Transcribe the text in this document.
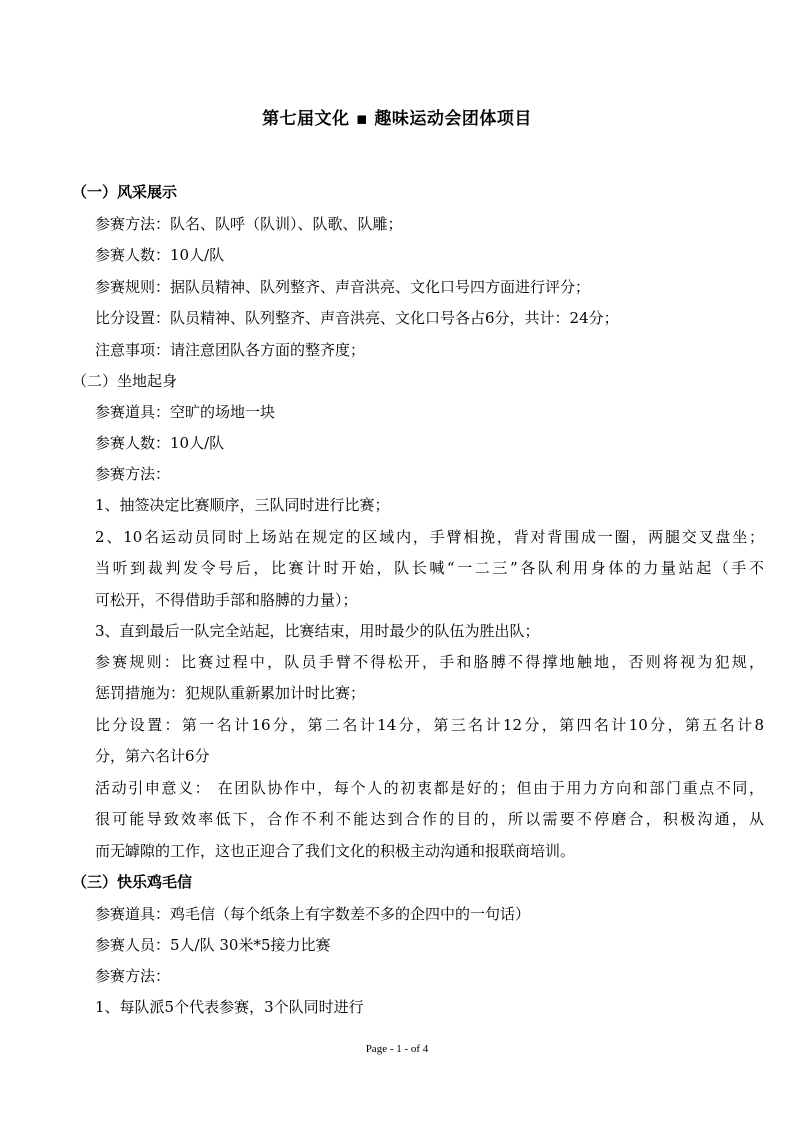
第七届文化 ▪ 趣味运动会团体项目
（一）风采展示
参赛方法：队名、队呼（队训）、队歌、队雕；
参赛人数：10人/队
参赛规则：据队员精神、队列整齐、声音洪亮、文化口号四方面进行评分；
比分设置：队员精神、队列整齐、声音洪亮、文化口号各占6分，共计：24分；
注意事项：请注意团队各方面的整齐度；
（二）坐地起身
参赛道具：空旷的场地一块
参赛人数：10人/队
参赛方法：
1、抽签决定比赛顺序，三队同时进行比赛；
2、10名运动员同时上场站在规定的区域内，手臂相挽，背对背围成一圈，两腿交叉盘坐；
当听到裁判发令号后，比赛计时开始，队长喊“一二三”各队利用身体的力量站起（手不
可松开，不得借助手部和胳膊的力量）；
3、直到最后一队完全站起，比赛结束，用时最少的队伍为胜出队；
参赛规则：比赛过程中，队员手臂不得松开，手和胳膊不得撑地触地，否则将视为犯规，
惩罚措施为：犯规队重新累加计时比赛；
比分设置：第一名计16分，第二名计14分，第三名计12分，第四名计10分，第五名计8
分，第六名计6分
活动引申意义： 在团队协作中，每个人的初衷都是好的；但由于用力方向和部门重点不同，
很可能导致效率低下，合作不利不能达到合作的目的，所以需要不停磨合，积极沟通，从
而无罅隙的工作，这也正迎合了我们文化的积极主动沟通和报联商培训。
（三）快乐鸡毛信
参赛道具：鸡毛信（每个纸条上有字数差不多的企四中的一句话）
参赛人员：5人/队 30米*5接力比赛
参赛方法：
1、每队派5个代表参赛，3个队同时进行
Page - 1 - of 4
